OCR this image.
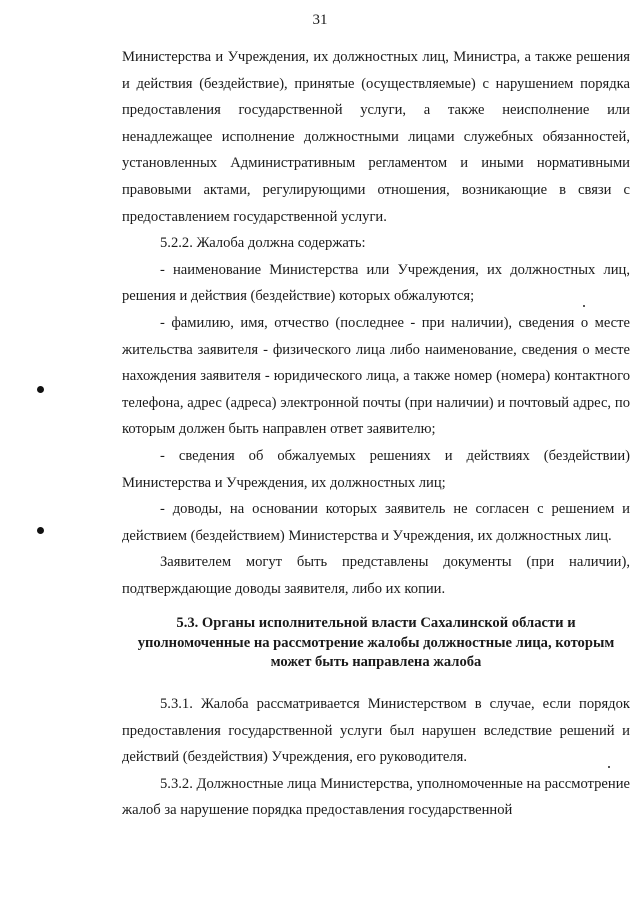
31

Министерства и Учреждения, их должностных лиц, Министра, а также решения и действия (бездействие), принятые (осуществляемые) с нарушением порядка предоставления государственной услуги, а также неисполнение или ненадлежащее исполнение должностными лицами служебных обязанностей, установленных Административным регламентом и иными нормативными правовыми актами, регулирующими отношения, возникающие в связи с предоставлением государственной услуги.

5.2.2. Жалоба должна содержать:

- наименование Министерства или Учреждения, их должностных лиц, решения и действия (бездействие) которых обжалуются;

- фамилию, имя, отчество (последнее - при наличии), сведения о месте жительства заявителя - физического лица либо наименование, сведения о месте нахождения заявителя - юридического лица, а также номер (номера) контактного телефона, адрес (адреса) электронной почты (при наличии) и почтовый адрес, по которым должен быть направлен ответ заявителю;

- сведения об обжалуемых решениях и действиях (бездействии) Министерства и Учреждения, их должностных лиц;

- доводы, на основании которых заявитель не согласен с решением и действием (бездействием) Министерства и Учреждения, их должностных лиц.

Заявителем могут быть представлены документы (при наличии), подтверждающие доводы заявителя, либо их копии.

5.3. Органы исполнительной власти Сахалинской области и
уполномоченные на рассмотрение жалобы должностные лица, которым
может быть направлена жалоба

5.3.1. Жалоба рассматривается Министерством в случае, если порядок предоставления государственной услуги был нарушен вследствие решений и действий (бездействия) Учреждения, его руководителя.

5.3.2. Должностные лица Министерства, уполномоченные на рассмотрение жалоб за нарушение порядка предоставления государственной
